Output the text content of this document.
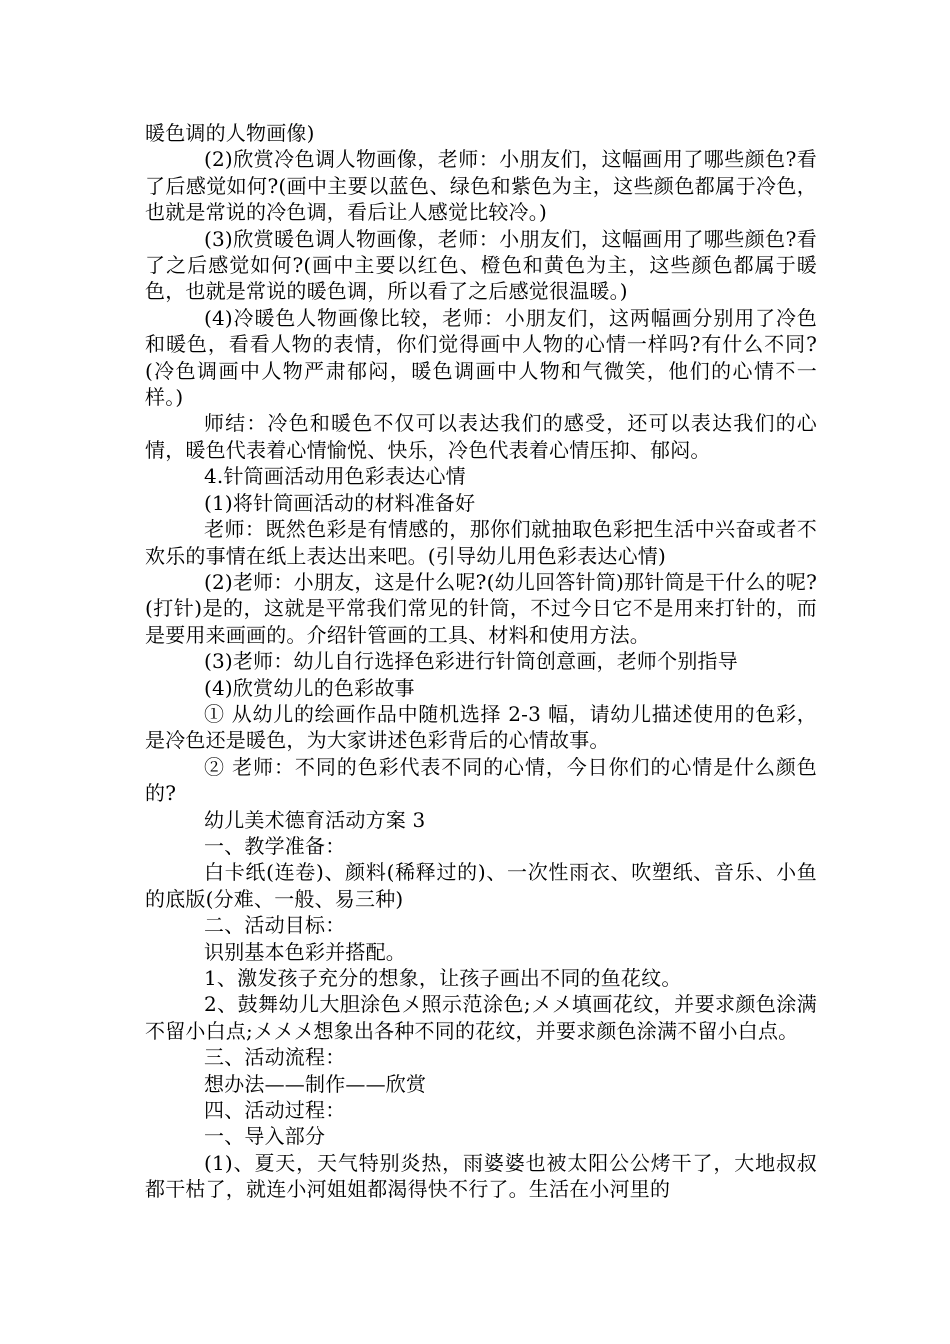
暖色调的人物画像)

(2)欣赏冷色调人物画像，老师：小朋友们，这幅画用了哪些颜色?看了后感觉如何?(画中主要以蓝色、绿色和紫色为主，这些颜色都属于冷色，也就是常说的冷色调，看后让人感觉比较冷。)

(3)欣赏暖色调人物画像，老师：小朋友们，这幅画用了哪些颜色?看了之后感觉如何?(画中主要以红色、橙色和黄色为主，这些颜色都属于暖色，也就是常说的暖色调，所以看了之后感觉很温暖。)

(4)冷暖色人物画像比较，老师：小朋友们，这两幅画分别用了冷色和暖色，看看人物的表情，你们觉得画中人物的心情一样吗?有什么不同?(冷色调画中人物严肃郁闷，暖色调画中人物和气微笑，他们的心情不一样。)

师结：冷色和暖色不仅可以表达我们的感受，还可以表达我们的心情，暖色代表着心情愉悦、快乐，冷色代表着心情压抑、郁闷。

4.针筒画活动用色彩表达心情

(1)将针筒画活动的材料准备好

老师：既然色彩是有情感的，那你们就抽取色彩把生活中兴奋或者不欢乐的事情在纸上表达出来吧。(引导幼儿用色彩表达心情)

(2)老师：小朋友，这是什么呢?(幼儿回答针筒)那针筒是干什么的呢?(打针)是的，这就是平常我们常见的针筒，不过今日它不是用来打针的，而是要用来画画的。介绍针管画的工具、材料和使用方法。

(3)老师：幼儿自行选择色彩进行针筒创意画，老师个别指导

(4)欣赏幼儿的色彩故事

① 从幼儿的绘画作品中随机选择 2-3 幅，请幼儿描述使用的色彩，是冷色还是暖色，为大家讲述色彩背后的心情故事。

② 老师：不同的色彩代表不同的心情，今日你们的心情是什么颜色的?

幼儿美术德育活动方案 3

一、教学准备：

白卡纸(连卷)、颜料(稀释过的)、一次性雨衣、吹塑纸、音乐、小鱼的底版(分难、一般、易三种)

二、活动目标：

识别基本色彩并搭配。

1、激发孩子充分的想象，让孩子画出不同的鱼花纹。

2、鼓舞幼儿大胆涂色〤照示范涂色;〤〤填画花纹，并要求颜色涂满不留小白点;〤〤〤想象出各种不同的花纹，并要求颜色涂满不留小白点。

三、活动流程：

想办法——制作——欣赏

四、活动过程：

一、导入部分

(1)、夏天，天气特别炎热，雨婆婆也被太阳公公烤干了，大地叔叔都干枯了，就连小河姐姐都渴得快不行了。生活在小河里的
